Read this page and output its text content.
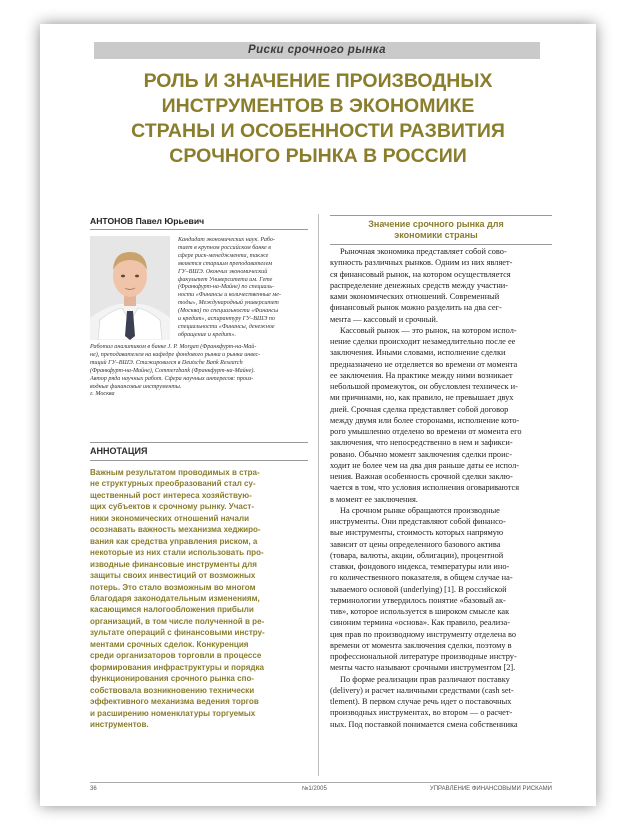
Риски срочного рынка
РОЛЬ И ЗНАЧЕНИЕ ПРОИЗВОДНЫХ
ИНСТРУМЕНТОВ В ЭКОНОМИКЕ
СТРАНЫ И ОСОБЕННОСТИ РАЗВИТИЯ
СРОЧНОГО РЫНКА В РОССИИ
АНТОНОВ Павел Юрьевич
Кандидат экономических наук. Рабо-
тает в крупном российском банке в
сфере риск-менеджмента, также
является старшим преподавателем
ГУ–ВШЭ. Окончил экономический
факультет Университета им. Гете
(Франкфурт-на-Майне) по специаль-
ности «Финансы и количественные ме-
тоды», Международный университет
(Москва) по специальности «Финансы
и кредит», аспирантуру ГУ–ВШЭ по
специальности «Финансы, денежное
обращение и кредит».
Работал аналитиком в банке J. P. Morgan (Франкфурт-на-Май-
не), преподавателем на кафедре фондового рынка и рынка инвес-
тиций ГУ–ВШЭ. Стажировался в Deutsche Bank Research
(Франкфурт-на-Майне), Commerzbank (Франкфурт-на-Майне).
Автор ряда научных работ. Сфера научных интересов: произ-
водные финансовые инструменты.
г. Москва
АННОТАЦИЯ
Важным результатом проводимых в стра-
не структурных преобразований стал су-
щественный рост интереса хозяйствую-
щих субъектов к срочному рынку. Участ-
ники экономических отношений начали
осознавать важность механизма хеджиро-
вания как средства управления риском, а
некоторые из них стали использовать про-
изводные финансовые инструменты для
защиты своих инвестиций от возможных
потерь. Это стало возможным во многом
благодаря законодательным изменениям,
касающимся налогообложения прибыли
организаций, в том числе полученной в ре-
зультате операций с финансовыми инстру-
ментами срочных сделок. Конкуренция
среди организаторов торговли в процессе
формирования инфраструктуры и порядка
функционирования срочного рынка спо-
собствовала возникновению технически
эффективного механизма ведения торгов
и расширению номенклатуры торгуемых
инструментов.
Значение срочного рынка для
экономики страны
Рыночная экономика представляет собой сово-
купность различных рынков. Одним из них являет-
ся финансовый рынок, на котором осуществляется
распределение денежных средств между участни-
ками экономических отношений. Современный
финансовый рынок можно разделить на два сег-
мента — кассовый и срочный.
Кассовый рынок — это рынок, на котором испол-
нение сделки происходит незамедлительно после ее
заключения. Иными словами, исполнение сделки
предназначено не отделяется во времени от момента
ее заключения. На практике между ними возникает
небольшой промежуток, он обусловлен техническ и-
ми причинами, но, как правило, не превышает двух
дней. Срочная сделка представляет собой договор
между двумя или более сторонами, исполнение кото-
рого умышленно отделено во времени от момента его
заключения, что непосредственно в нем и зафикси-
ровано. Обычно момент заключения сделки проис-
ходит не более чем на два дня раньше даты ее испол-
нения. Важная особенность срочной сделки заклю-
чается в том, что условия исполнения оговариваются
в момент ее заключения.
На срочном рынке обращаются производные
инструменты. Они представляют собой финансо-
вые инструменты, стоимость которых напрямую
зависит от цены определенного базового актива
(товара, валюты, акции, облигации), процентной
ставки, фондового индекса, температуры или ино-
го количественного показателя, в общем случае на-
зываемого основой (underlying) [1]. В российской
терминологии утвердилось понятие «базовый ак-
тив», которое используется в широком смысле как
синоним термина «основа». Как правило, реализа-
ция прав по производному инструменту отделена во
времени от момента заключения сделки, поэтому в
профессиональной литературе производные инстру-
менты часто называют срочными инструментом [2].
По форме реализации прав различают поставку
(delivery) и расчет наличными средствами (cash set-
tlement). В первом случае речь идет о поставочных
производных инструментах, во втором — о расчет-
ных. Под поставкой понимается смена собственника
36	№1/2005	УПРАВЛЕНИЕ ФИНАНСОВЫМИ РИСКАМИ
